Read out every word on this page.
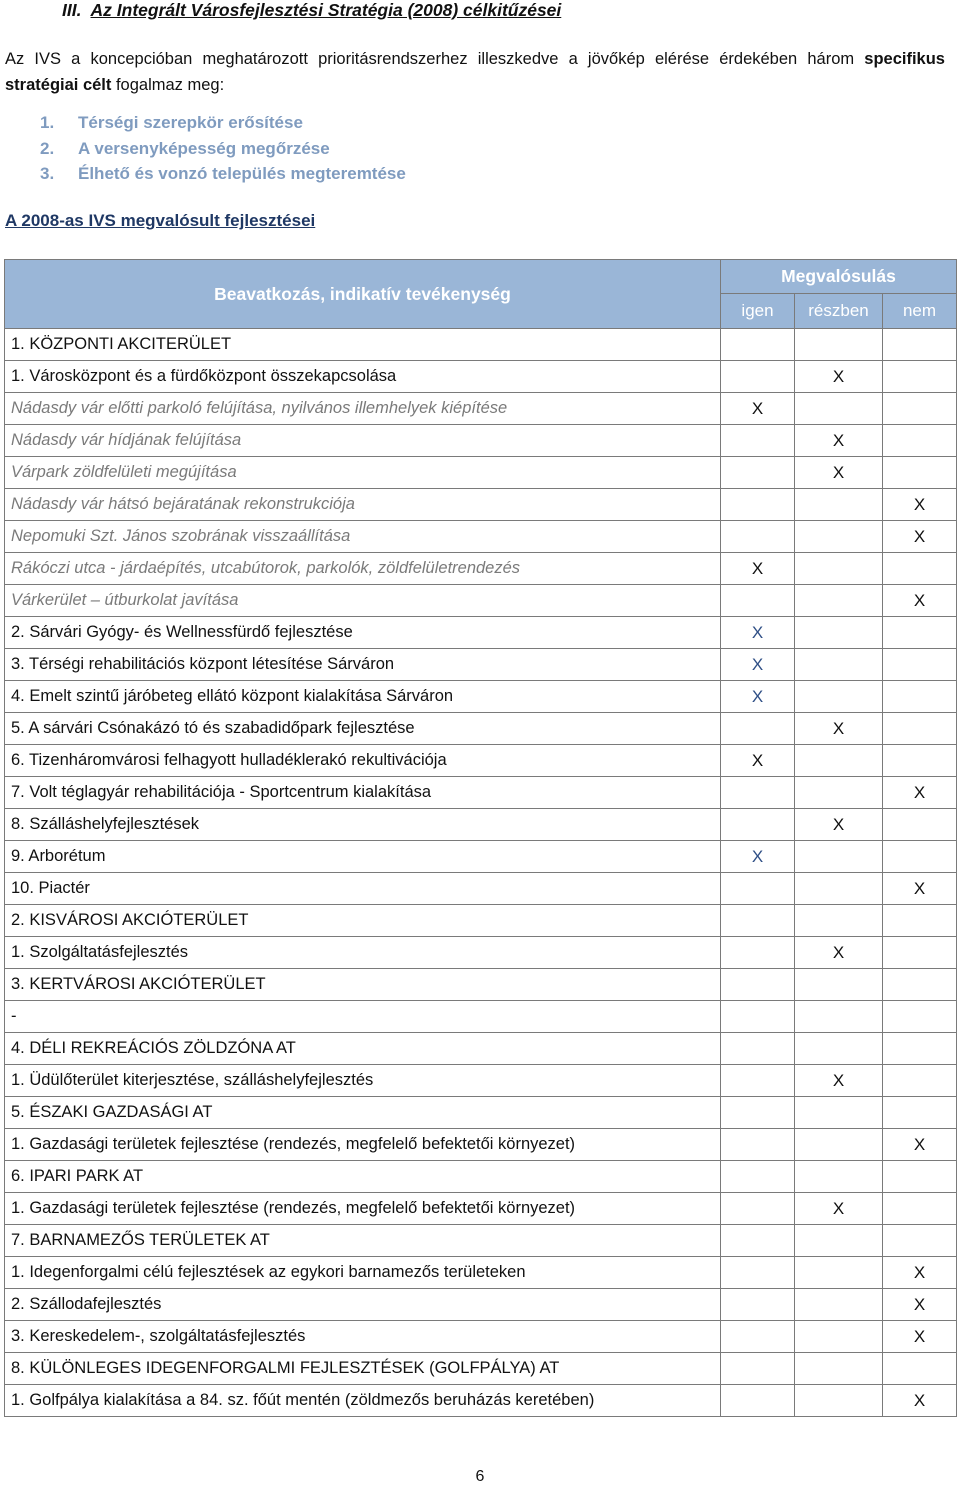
III. Az Integrált Városfejlesztési Stratégia (2008) célkitűzései
Az IVS a koncepcióban meghatározott prioritásrendszerhez illeszkedve a jövőkép elérése érdekében három specifikus stratégiai célt fogalmaz meg:
1. Térségi szerepkör erősítése
2. A versenyképesség megőrzése
3. Élhető és vonzó település megteremtése
A 2008-as IVS megvalósult fejlesztései
Beavatkozás, indikatív tevékenység	Megvalósulás		
	igen	részben	nem
1. KÖZPONTI AKCITERÜLET			
1. Városközpont és a fürdőközpont összekapcsolása		X	
Nádasdy vár előtti parkoló felújítása, nyilvános illemhelyek kiépítése	X		
Nádasdy vár hídjának felújítása		X	
Várpark zöldfelületi megújítása		X	
Nádasdy vár hátsó bejáratának rekonstrukciója			X
Nepomuki Szt. János szobrának visszaállítása			X
Rákóczi utca - járdaépítés, utcabútorok, parkolók, zöldfelületrendezés	X		
Várkerület – útburkolat javítása			X
2. Sárvári Gyógy- és Wellnessfürdő fejlesztése	X		
3. Térségi rehabilitációs központ létesítése Sárváron	X		
4. Emelt szintű járóbeteg ellátó központ kialakítása Sárváron	X		
5. A sárvári Csónakázó tó és szabadidőpark fejlesztése		X	
6. Tizenháromvárosi felhagyott hulladéklerakó rekultivációja	X		
7. Volt téglagyár rehabilitációja - Sportcentrum kialakítása			X
8. Szálláshelyfejlesztések		X	
9. Arborétum	X		
10. Piactér			X
2. KISVÁROSI AKCIÓTERÜLET			
1. Szolgáltatásfejlesztés		X	
3. KERTVÁROSI AKCIÓTERÜLET			
-			
4. DÉLI REKREÁCIÓS ZÖLDZÓNA AT			
1. Üdülőterület kiterjesztése, szálláshelyfejlesztés		X	
5. ÉSZAKI GAZDASÁGI AT			
1. Gazdasági területek fejlesztése (rendezés, megfelelő befektetői környezet)			X
6. IPARI PARK AT			
1. Gazdasági területek fejlesztése (rendezés, megfelelő befektetői környezet)		X	
7. BARNAMEZŐS TERÜLETEK AT			
1. Idegenforgalmi célú fejlesztések az egykori barnamezős területeken			X
2. Szállodafejlesztés			X
3. Kereskedelem-, szolgáltatásfejlesztés			X
8. KÜLÖNLEGES IDEGENFORGALMI FEJLESZTÉSEK (GOLFPÁLYA) AT			
1. Golfpálya kialakítása a 84. sz. főút mentén (zöldmezős beruházás keretében)			X
6
